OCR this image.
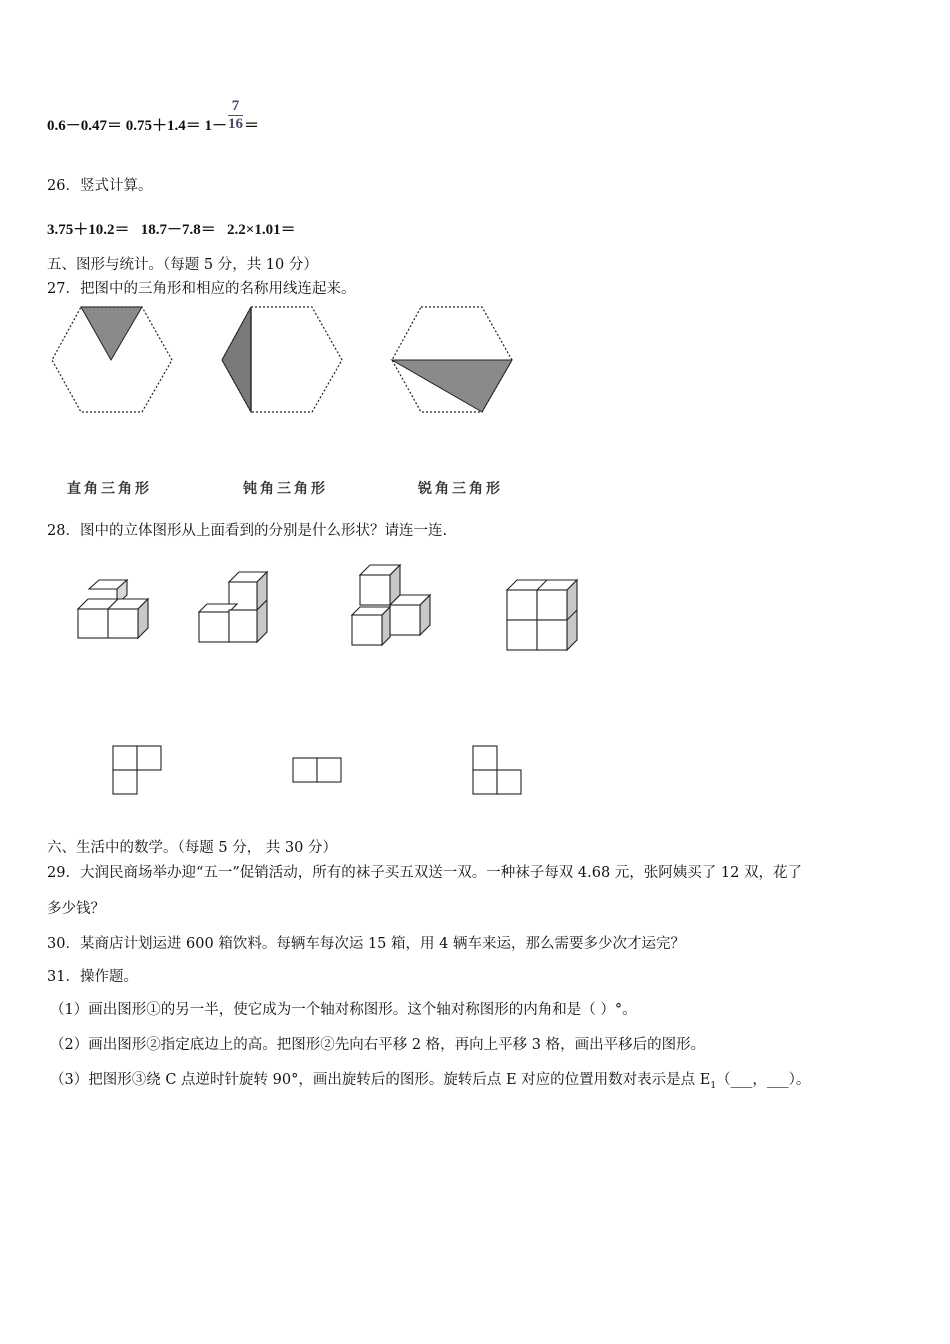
$0.6-0.47= 0.75+1.4= 1- \frac{7}{16}$ ＝
26．竖式计算。
3.75＋10.2＝ 18.7－7.8＝ 2.2×1.01＝
五、图形与统计。（每题 5 分，共 10 分）
27．把图中的三角形和相应的名称用线连起来。
直角三角形	钝角三角形	锐角三角形
28．图中的立体图形从上面看到的分别是什么形状？请连一连.
六、生活中的数学。（每题 5 分， 共 30 分）
29．大润民商场举办迎“五一”促销活动，所有的袜子买五双送一双。一种袜子每双 4.68 元，张阿姨买了 12 双，花了
多少钱？
30．某商店计划运进 600 箱饮料。每辆车每次运 15 箱，用 4 辆车来运，那么需要多少次才运完？
31．操作题。
（1）画出图形①的另一半，使它成为一个轴对称图形。这个轴对称图形的内角和是（ ）°。
（2）画出图形②指定底边上的高。把图形②先向右平移 2 格，再向上平移 3 格，画出平移后的图形。
（3）把图形③绕 C 点逆时针旋转 90°，画出旋转后的图形。旋转后点 E 对应的位置用数对表示是点 $E_1(\_\_\_$，___）。
